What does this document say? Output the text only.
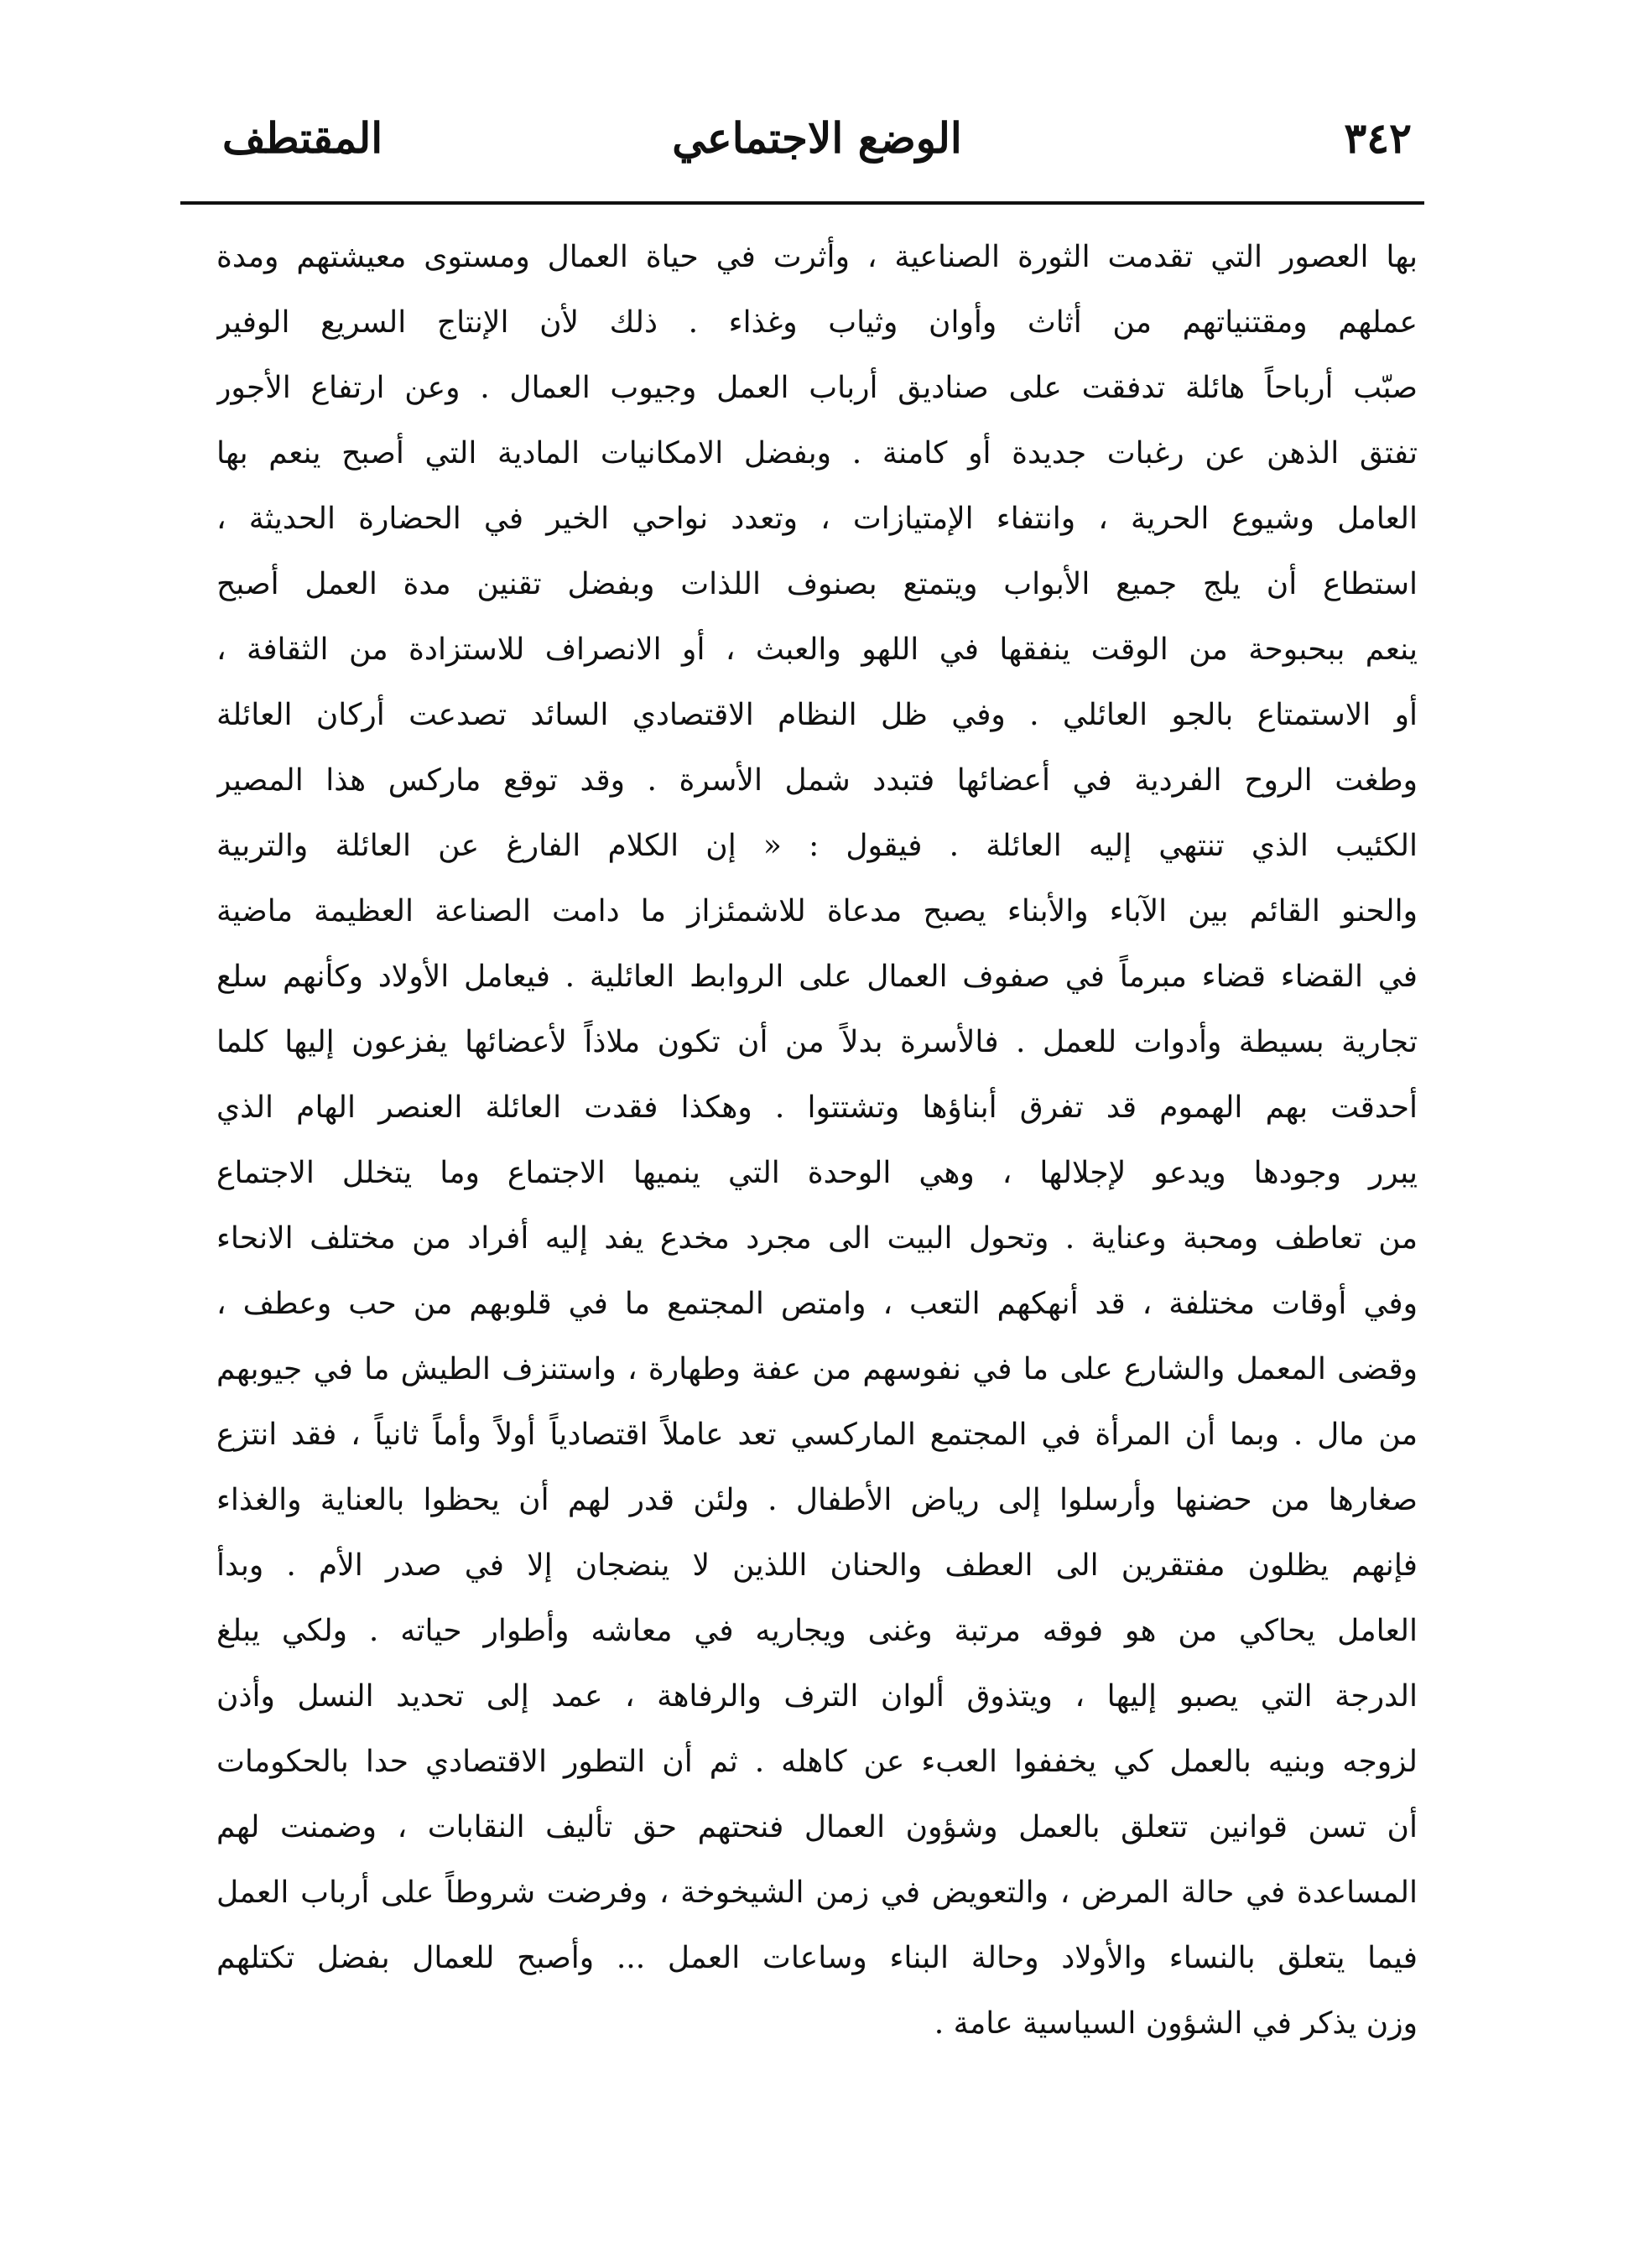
٣٤٢
الوضع الاجتماعي
المقتطف
بها العصور التي تقدمت الثورة الصناعية ، وأثرت في حياة العمال ومستوى معيشتهم ومدة
عملهم ومقتنياتهم من أثاث وأوان وثياب وغذاء . ذلك لأن الإنتاج السريع الوفير
صبّب أرباحاً هائلة تدفقت على صناديق أرباب العمل وجيوب العمال . وعن ارتفاع الأجور
تفتق الذهن عن رغبات جديدة أو كامنة . وبفضل الامكانيات المادية التي أصبح ينعم بها
العامل وشيوع الحرية ، وانتفاء الإمتيازات ، وتعدد نواحي الخير في الحضارة الحديثة ،
استطاع أن يلج جميع الأبواب ويتمتع بصنوف اللذات وبفضل تقنين مدة العمل أصبح
ينعم ببحبوحة من الوقت ينفقها في اللهو والعبث ، أو الانصراف للاستزادة من الثقافة ،
أو الاستمتاع بالجو العائلي . وفي ظل النظام الاقتصادي السائد تصدعت أركان العائلة
وطغت الروح الفردية في أعضائها فتبدد شمل الأسرة . وقد توقع ماركس هذا المصير
الكئيب الذي تنتهي إليه العائلة . فيقول : « إن الكلام الفارغ عن العائلة والتربية
والحنو القائم بين الآباء والأبناء يصبح مدعاة للاشمئزاز ما دامت الصناعة العظيمة ماضية
في القضاء قضاء مبرماً في صفوف العمال على الروابط العائلية . فيعامل الأولاد وكأنهم سلع
تجارية بسيطة وأدوات للعمل . فالأسرة بدلاً من أن تكون ملاذاً لأعضائها يفزعون إليها كلما
أحدقت بهم الهموم قد تفرق أبناؤها وتشتتوا . وهكذا فقدت العائلة العنصر الهام الذي
يبرر وجودها ويدعو لإجلالها ، وهي الوحدة التي ينميها الاجتماع وما يتخلل الاجتماع
من تعاطف ومحبة وعناية . وتحول البيت الى مجرد مخدع يفد إليه أفراد من مختلف الانحاء
وفي أوقات مختلفة ، قد أنهكهم التعب ، وامتص المجتمع ما في قلوبهم من حب وعطف ،
وقضى المعمل والشارع على ما في نفوسهم من عفة وطهارة ، واستنزف الطيش ما في جيوبهم
من مال . وبما أن المرأة في المجتمع الماركسي تعد عاملاً اقتصادياً أولاً وأماً ثانياً ، فقد انتزع
صغارها من حضنها وأرسلوا إلى رياض الأطفال . ولئن قدر لهم أن يحظوا بالعناية والغذاء
فإنهم يظلون مفتقرين الى العطف والحنان اللذين لا ينضجان إلا في صدر الأم . وبدأ
العامل يحاكي من هو فوقه مرتبة وغنى ويجاريه في معاشه وأطوار حياته . ولكي يبلغ
الدرجة التي يصبو إليها ، ويتذوق ألوان الترف والرفاهة ، عمد إلى تحديد النسل وأذن
لزوجه وبنيه بالعمل كي يخففوا العبء عن كاهله . ثم أن التطور الاقتصادي حدا بالحكومات
أن تسن قوانين تتعلق بالعمل وشؤون العمال فنحتهم حق تأليف النقابات ، وضمنت لهم
المساعدة في حالة المرض ، والتعويض في زمن الشيخوخة ، وفرضت شروطاً على أرباب العمل
فيما يتعلق بالنساء والأولاد وحالة البناء وساعات العمل ... وأصبح للعمال بفضل تكتلهم
وزن يذكر في الشؤون السياسية عامة .
